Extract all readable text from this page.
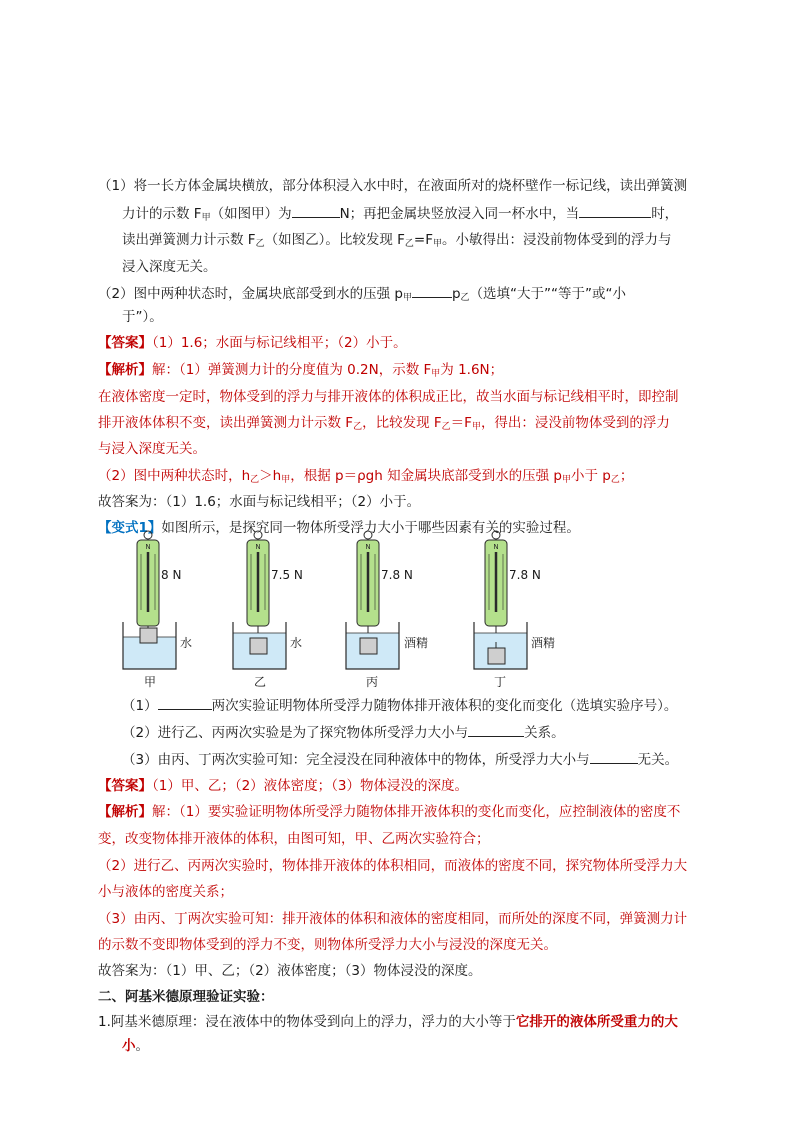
（1）将一长方体金属块横放，部分体积浸入水中时，在液面所对的烧杯壁作一标记线，读出弹簧测
力计的示数 $F_甲$（如图甲）为	N；再把金属块竖放浸入同一杯水中，当	时，
读出弹簧测力计示数 $F_乙$（如图乙）。比较发现 $F_乙=F_甲$。小敏得出：浸没前物体受到的浮力与
浸入深度无关。
（2）图中两种状态时，金属块底部受到水的压强 $p_甲$	$p_乙$（选填“大于”“等于”或“小
于”）。
【答案】（1）1.6；水面与标记线相平；（2）小于。
【解析】解：（1）弹簧测力计的分度值为 0.2N，示数 $F_甲$为 1.6N；
在液体密度一定时，物体受到的浮力与排开液体的体积成正比，故当水面与标记线相平时，即控制
排开液体体积不变，读出弹簧测力计示数 $F_乙$，比较发现 $F_乙=F_甲$，得出：浸没前物体受到的浮力
与浸入深度无关。
（2）图中两种状态时，$h_乙>h_甲$，根据 p＝ρgh 知金属块底部受到水的压强 $p_甲$小于 $p_乙$；
故答案为：（1）1.6；水面与标记线相平；（2）小于。
【变式1】如图所示，是探究同一物体所受浮力大小于哪些因素有关的实验过程。
N
8 N
水
甲
7.5 N
水
乙
7.8 N
酒精
丙
7.8 N
酒精
丁
（1）	两次实验证明物体所受浮力随物体排开液体积的变化而变化（选填实验序号）。
（2）进行乙、丙两次实验是为了探究物体所受浮力大小与	关系。
（3）由丙、丁两次实验可知：完全浸没在同种液体中的物体，所受浮力大小与	无关。
【答案】（1）甲、乙；（2）液体密度；（3）物体浸没的深度。
【解析】解：（1）要实验证明物体所受浮力随物体排开液体积的变化而变化，应控制液体的密度不
变，改变物体排开液体的体积，由图可知，甲、乙两次实验符合；
（2）进行乙、丙两次实验时，物体排开液体的体积相同，而液体的密度不同，探究物体所受浮力大
小与液体的密度关系；
（3）由丙、丁两次实验可知：排开液体的体积和液体的密度相同，而所处的深度不同，弹簧测力计
的示数不变即物体受到的浮力不变，则物体所受浮力大小与浸没的深度无关。
故答案为：（1）甲、乙；（2）液体密度；（3）物体浸没的深度。
二、阿基米德原理验证实验：
1.阿基米德原理：浸在液体中的物体受到向上的浮力，浮力的大小等于它排开的液体所受重力的大
小。
